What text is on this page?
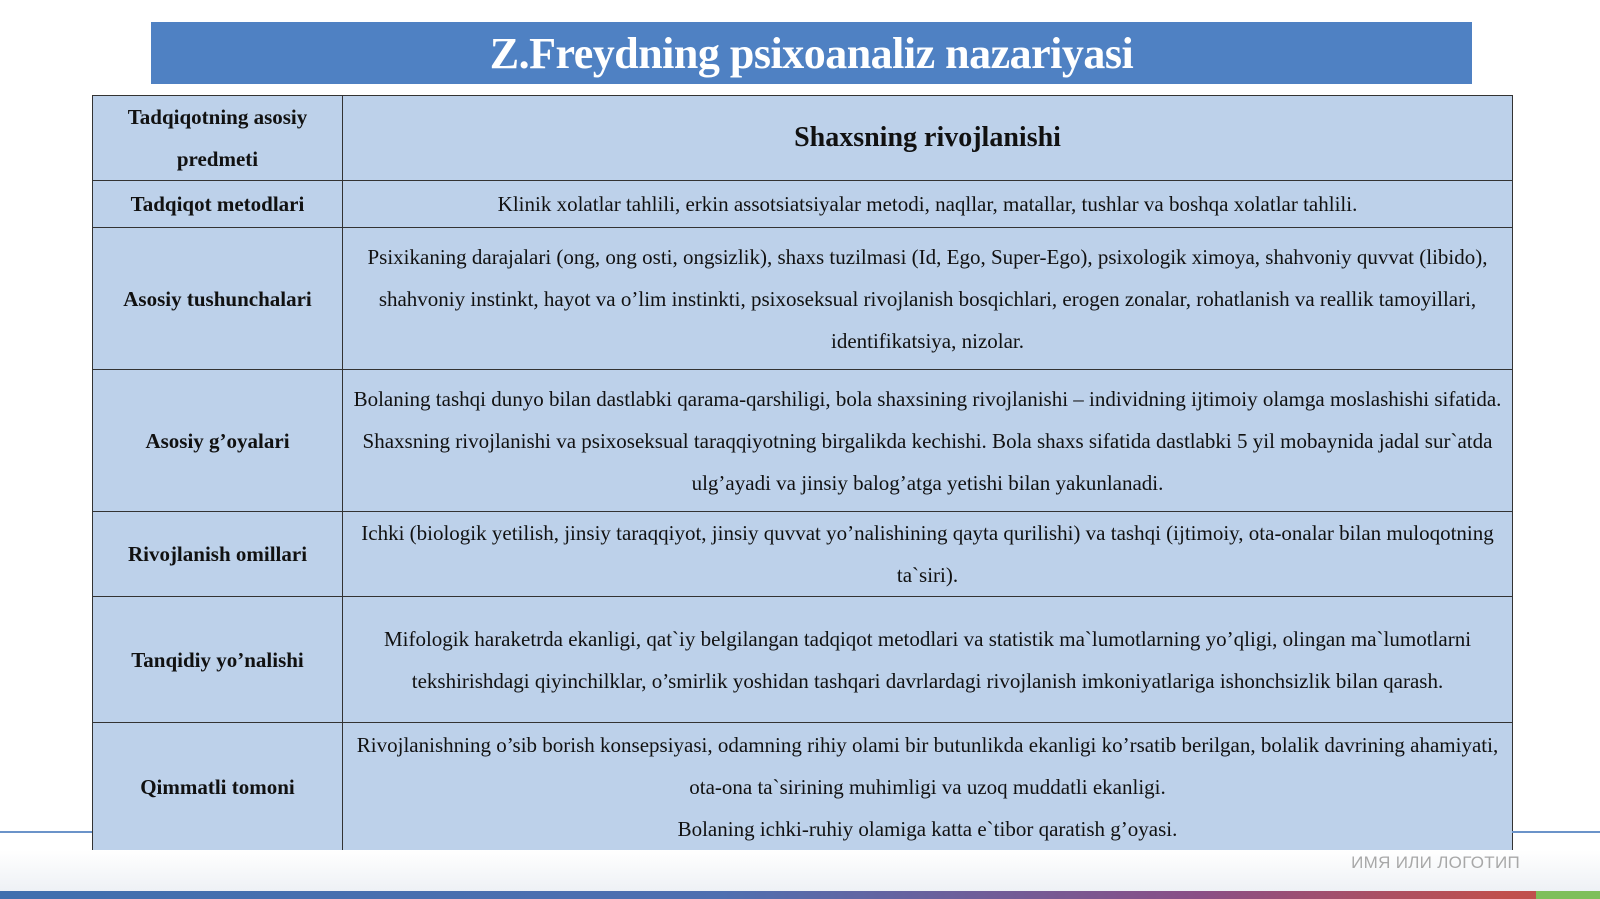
Z.Freydning psixoanaliz nazariyasi
Tadqiqotning asosiy predmeti	Shaxsning rivojlanishi
Tadqiqot metodlari	Klinik xolatlar tahlili, erkin assotsiatsiyalar metodi, naqllar, matallar, tushlar va boshqa xolatlar tahlili.
Asosiy tushunchalari	Psixikaning darajalari (ong, ong osti, ongsizlik), shaxs tuzilmasi (Id, Ego, Super-Ego), psixologik ximoya, shahvoniy quvvat (libido), shahvoniy instinkt, hayot va o’lim instinkti, psixoseksual rivojlanish bosqichlari, erogen zonalar, rohatlanish va reallik tamoyillari, identifikatsiya, nizolar.
Asosiy g’oyalari	Bolaning tashqi dunyo bilan dastlabki qarama-qarshiligi, bola shaxsining rivojlanishi – individning ijtimoiy olamga moslashishi sifatida. Shaxsning rivojlanishi va psixoseksual taraqqiyotning birgalikda kechishi. Bola shaxs sifatida dastlabki 5 yil mobaynida jadal sur`atda ulg’ayadi va jinsiy balog’atga yetishi bilan yakunlanadi.
Rivojlanish omillari	Ichki (biologik yetilish, jinsiy taraqqiyot, jinsiy quvvat yo’nalishining qayta qurilishi) va tashqi (ijtimoiy, ota-onalar bilan muloqotning ta`siri).
Tanqidiy yo’nalishi	Mifologik haraketrda ekanligi, qat`iy belgilangan tadqiqot metodlari va statistik ma`lumotlarning yo’qligi, olingan ma`lumotlarni tekshirishdagi qiyinchilklar, o’smirlik yoshidan tashqari davrlardagi rivojlanish imkoniyatlariga ishonchsizlik bilan qarash.
Qimmatli tomoni	Rivojlanishning o’sib borish konsepsiyasi, odamning rihiy olami bir butunlikda ekanligi ko’rsatib berilgan, bolalik davrining ahamiyati, ota-ona ta`sirining muhimligi va uzoq muddatli ekanligi.
Bolaning ichki-ruhiy olamiga katta e`tibor qaratish g’oyasi.
ИМЯ ИЛИ ЛОГОТИП
